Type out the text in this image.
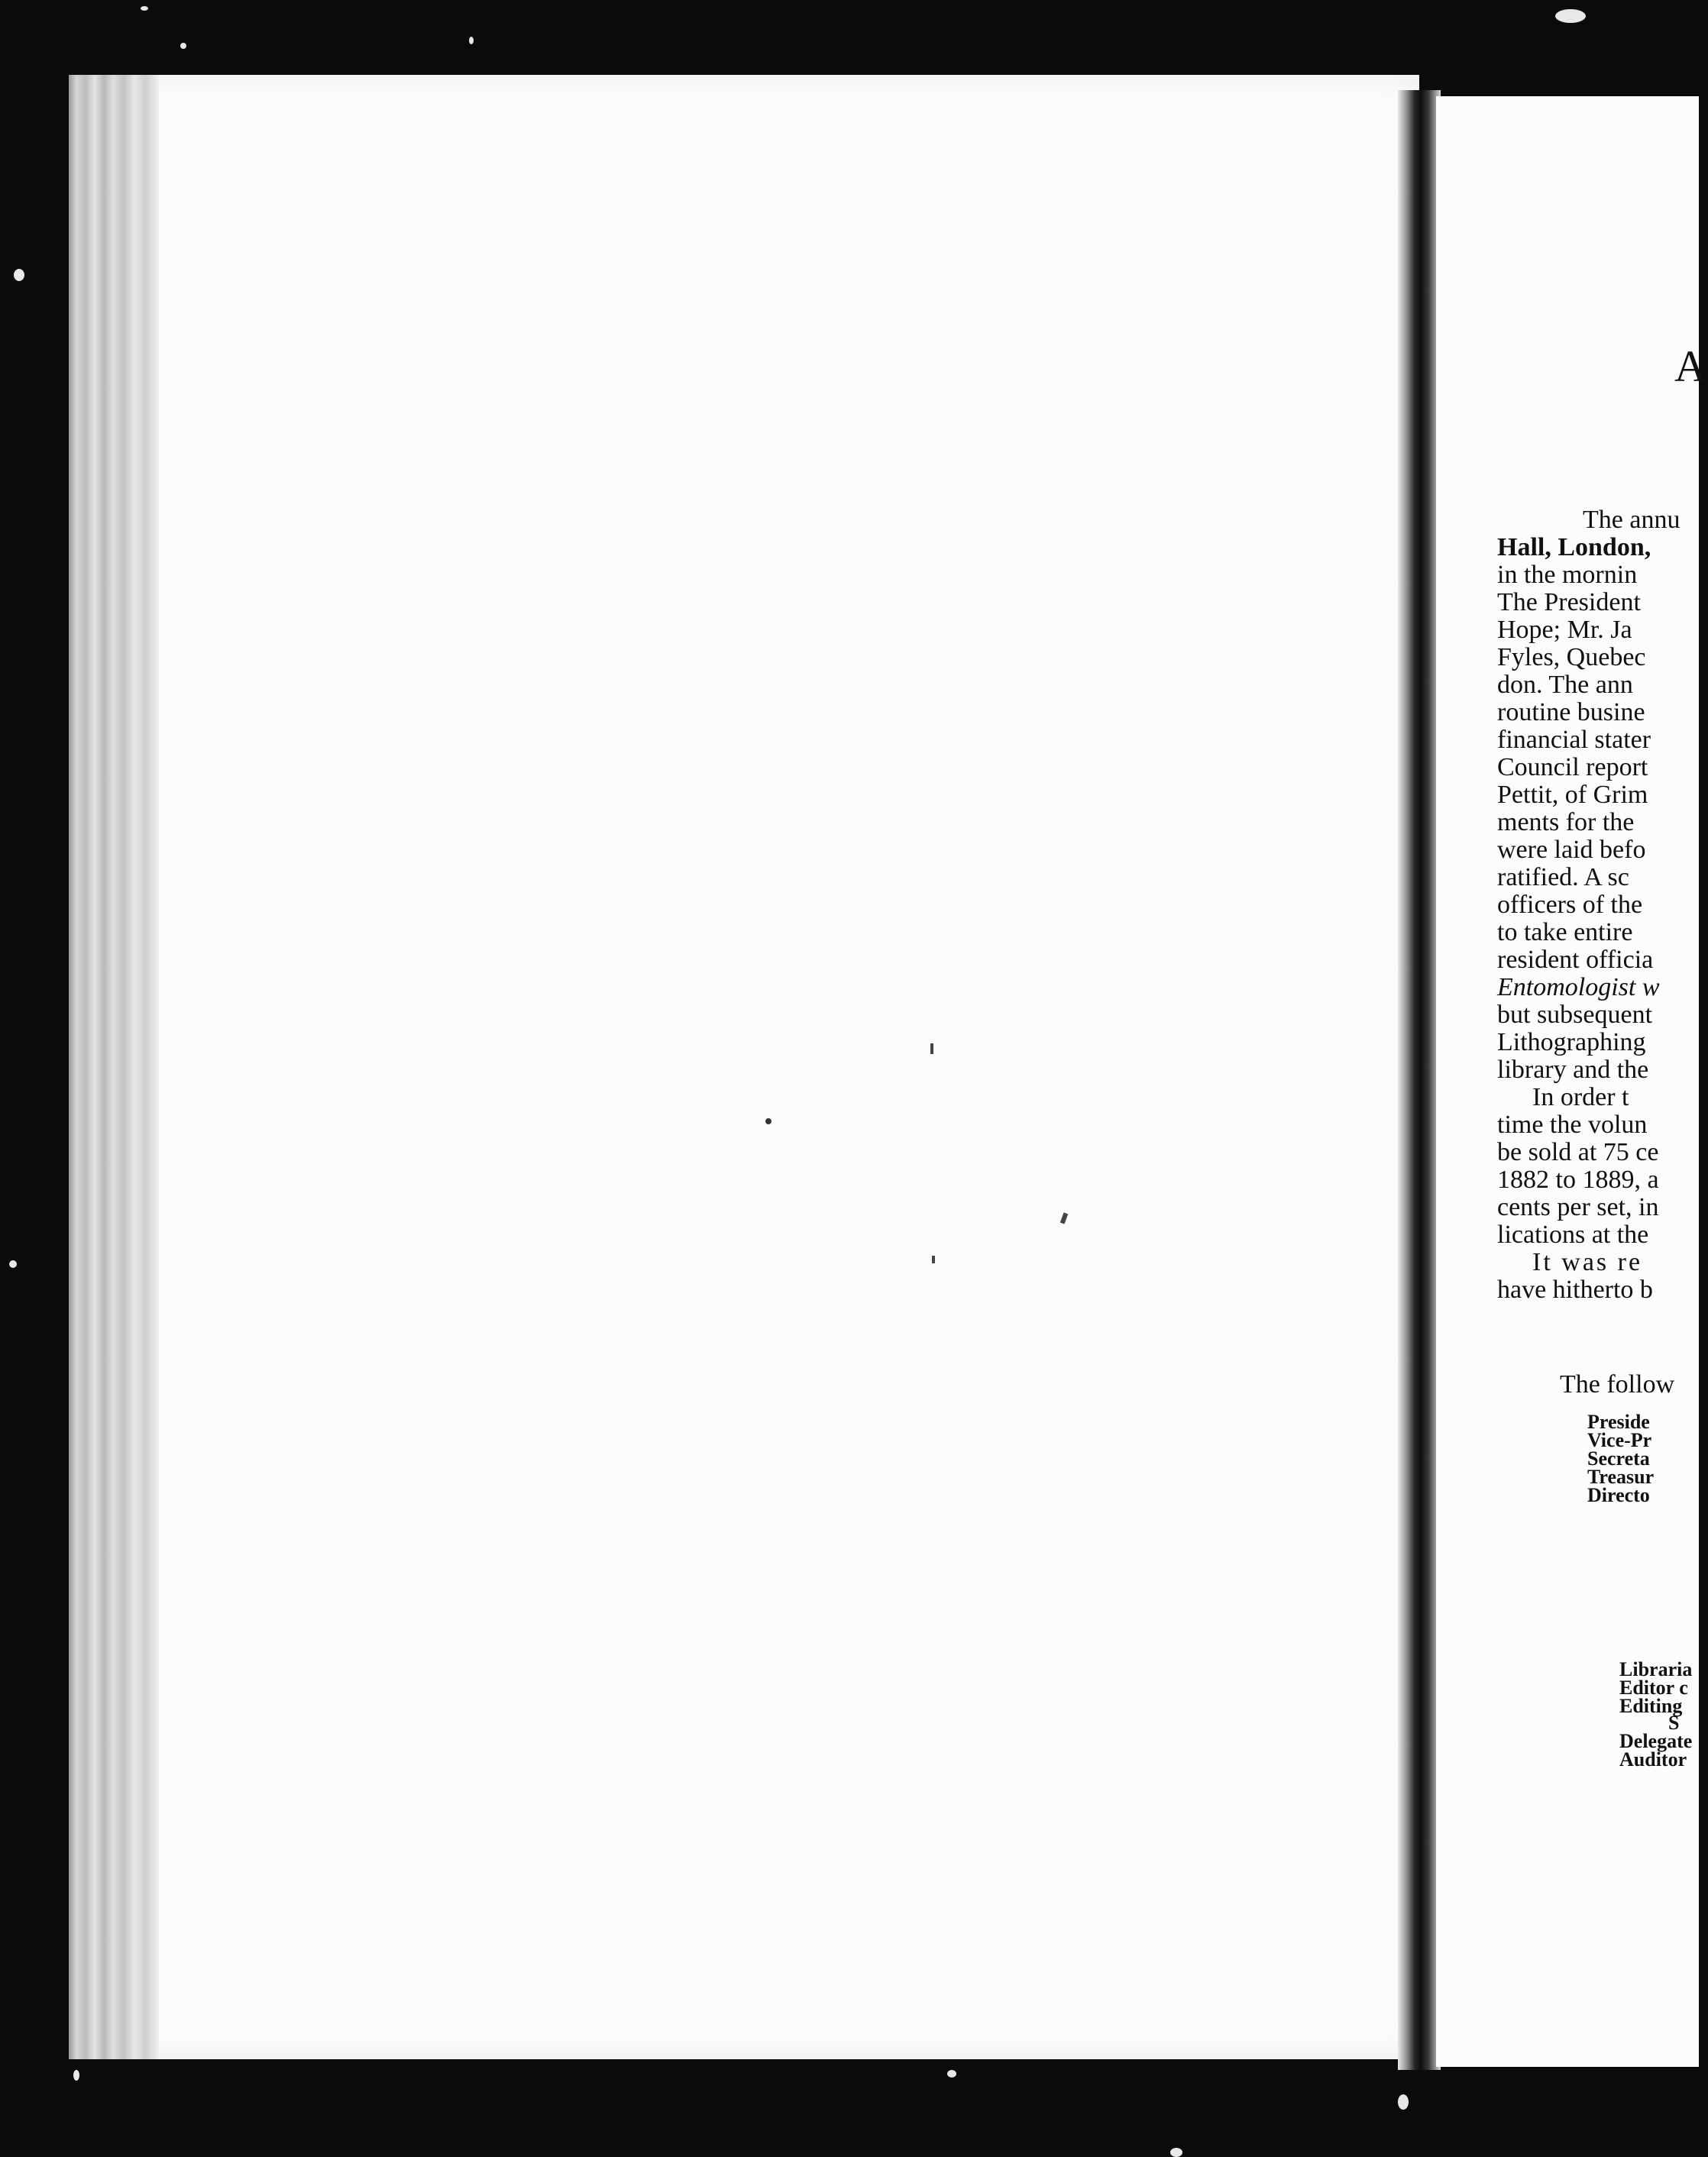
A
The annu
Hall, London,
in the mornin
The President
Hope; Mr. Ja
Fyles, Quebec
don. The ann
routine busine
financial stater
Council report
Pettit, of Grim
ments for the
were laid befo
ratified. A sc
officers of the
to take entire
resident officia
Entomologist w
but subsequent
Lithographing
library and the
In order t
time the volun
be sold at 75 ce
1882 to 1889, a
cents per set, in
lications at the
It was re
have hitherto b
The follow
Preside
Vice-Pr
Secreta
Treasur
Directo
Libraria
Editor c
Editing
S
Delegate
Auditor
